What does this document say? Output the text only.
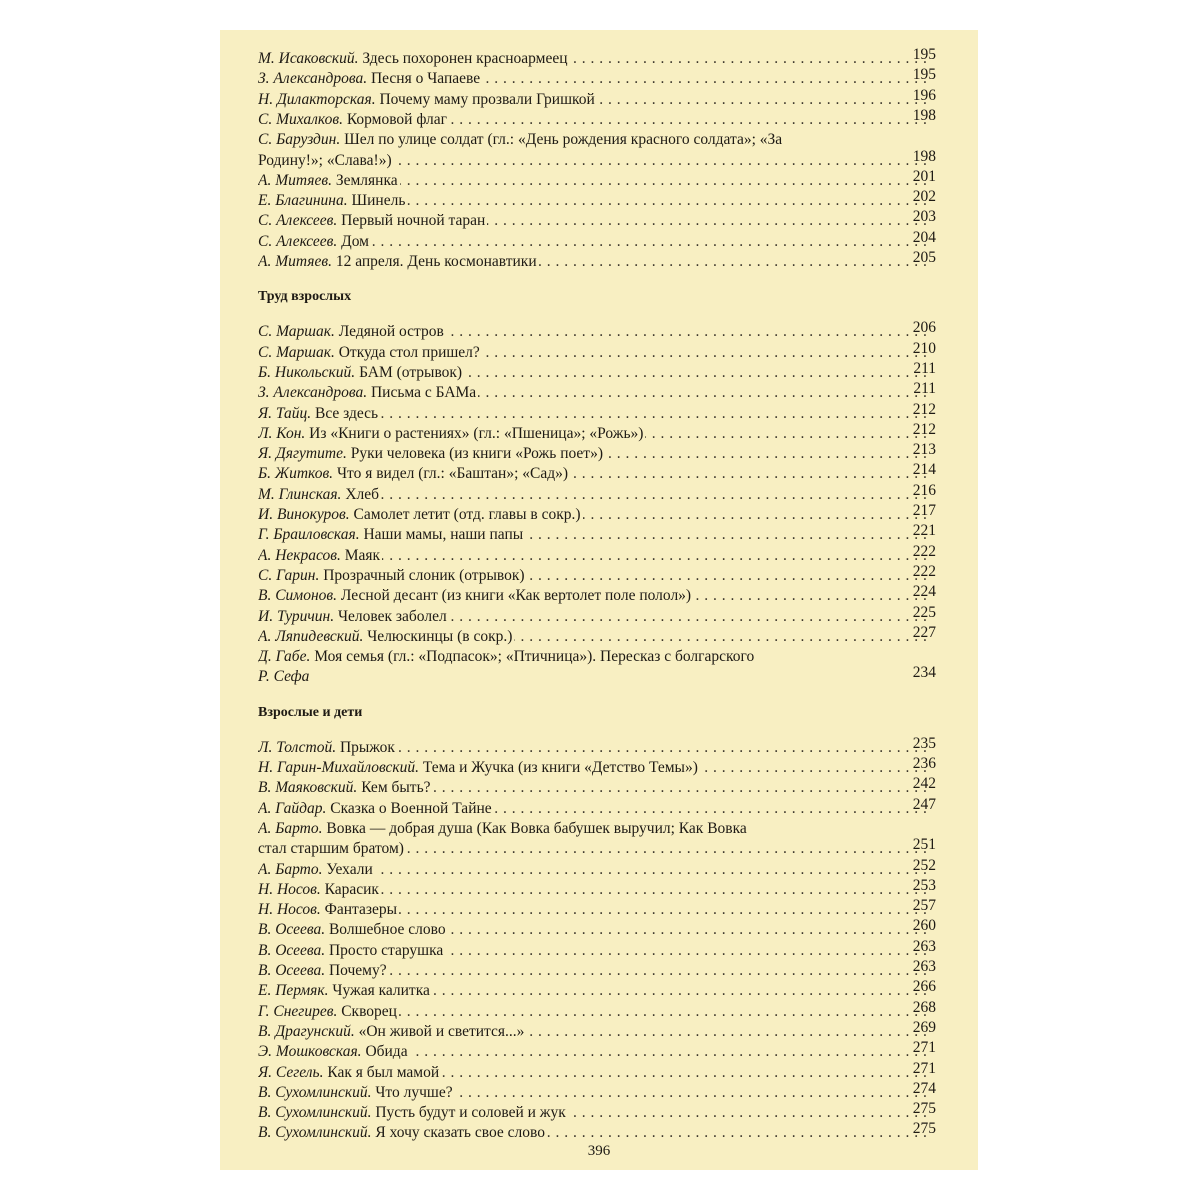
396
М. Исаковский. Здесь похоронен красноармеец . . .	195
З. Александрова. Песня о Чапаеве . . .	195
Н. Дилакторская. Почему маму прозвали Гришкой . . .	196
С. Михалков. Кормовой флаг . . .	198
С. Баруздин. Шел по улице солдат (гл.: «День рождения красного солдата»; «За
Родину!»; «Слава!») . . .	198
А. Митяев. Землянка . . .	201
Е. Благинина. Шинель . . .	202
С. Алексеев. Первый ночной таран . . .	203
С. Алексеев. Дом . . .	204
А. Митяев. 12 апреля. День космонавтики . . .	205
Труд взрослых
С. Маршак. Ледяной остров . . .	206
С. Маршак. Откуда стол пришел? . . .	210
Б. Никольский. БАМ (отрывок) . . .	211
З. Александрова. Письма с БАМа . . .	211
Я. Тайц. Все здесь . . .	212
Л. Кон. Из «Книги о растениях» (гл.: «Пшеница»; «Рожь») . . .	212
Я. Дягутите. Руки человека (из книги «Рожь поет») . . .	213
Б. Житков. Что я видел (гл.: «Баштан»; «Сад») . . .	214
М. Глинская. Хлеб . . .	216
И. Винокуров. Самолет летит (отд. главы в сокр.) . . .	217
Г. Браиловская. Наши мамы, наши папы . . .	221
А. Некрасов. Маяк . . .	222
С. Гарин. Прозрачный слоник (отрывок) . . .	222
В. Симонов. Лесной десант (из книги «Как вертолет поле полол») . . .	224
И. Туричин. Человек заболел . . .	225
А. Ляпидевский. Челюскинцы (в сокр.) . . .	227
Д. Габе. Моя семья (гл.: «Подпасок»; «Птичница»). Пересказ с болгарского
Р. Сефа	234
Взрослые и дети
Л. Толстой. Прыжок . . .	235
Н. Гарин-Михайловский. Тема и Жучка (из книги «Детство Темы») . . .	236
В. Маяковский. Кем быть? . . .	242
А. Гайдар. Сказка о Военной Тайне . . .	247
А. Барто. Вовка — добрая душа (Как Вовка бабушек выручил; Как Вовка
стал старшим братом) . . .	251
А. Барто. Уехали . . .	252
Н. Носов. Карасик . . .	253
Н. Носов. Фантазеры . . .	257
В. Осеева. Волшебное слово . . .	260
В. Осеева. Просто старушка . . .	263
В. Осеева. Почему? . . .	263
Е. Пермяк. Чужая калитка . . .	266
Г. Снегирев. Скворец . . .	268
В. Драгунский. «Он живой и светится...» . . .	269
Э. Мошковская. Обида . . .	271
Я. Сегель. Как я был мамой . . .	271
В. Сухомлинский. Что лучше? . . .	274
В. Сухомлинский. Пусть будут и соловей и жук . . .	275
В. Сухомлинский. Я хочу сказать свое слово . . .	275
